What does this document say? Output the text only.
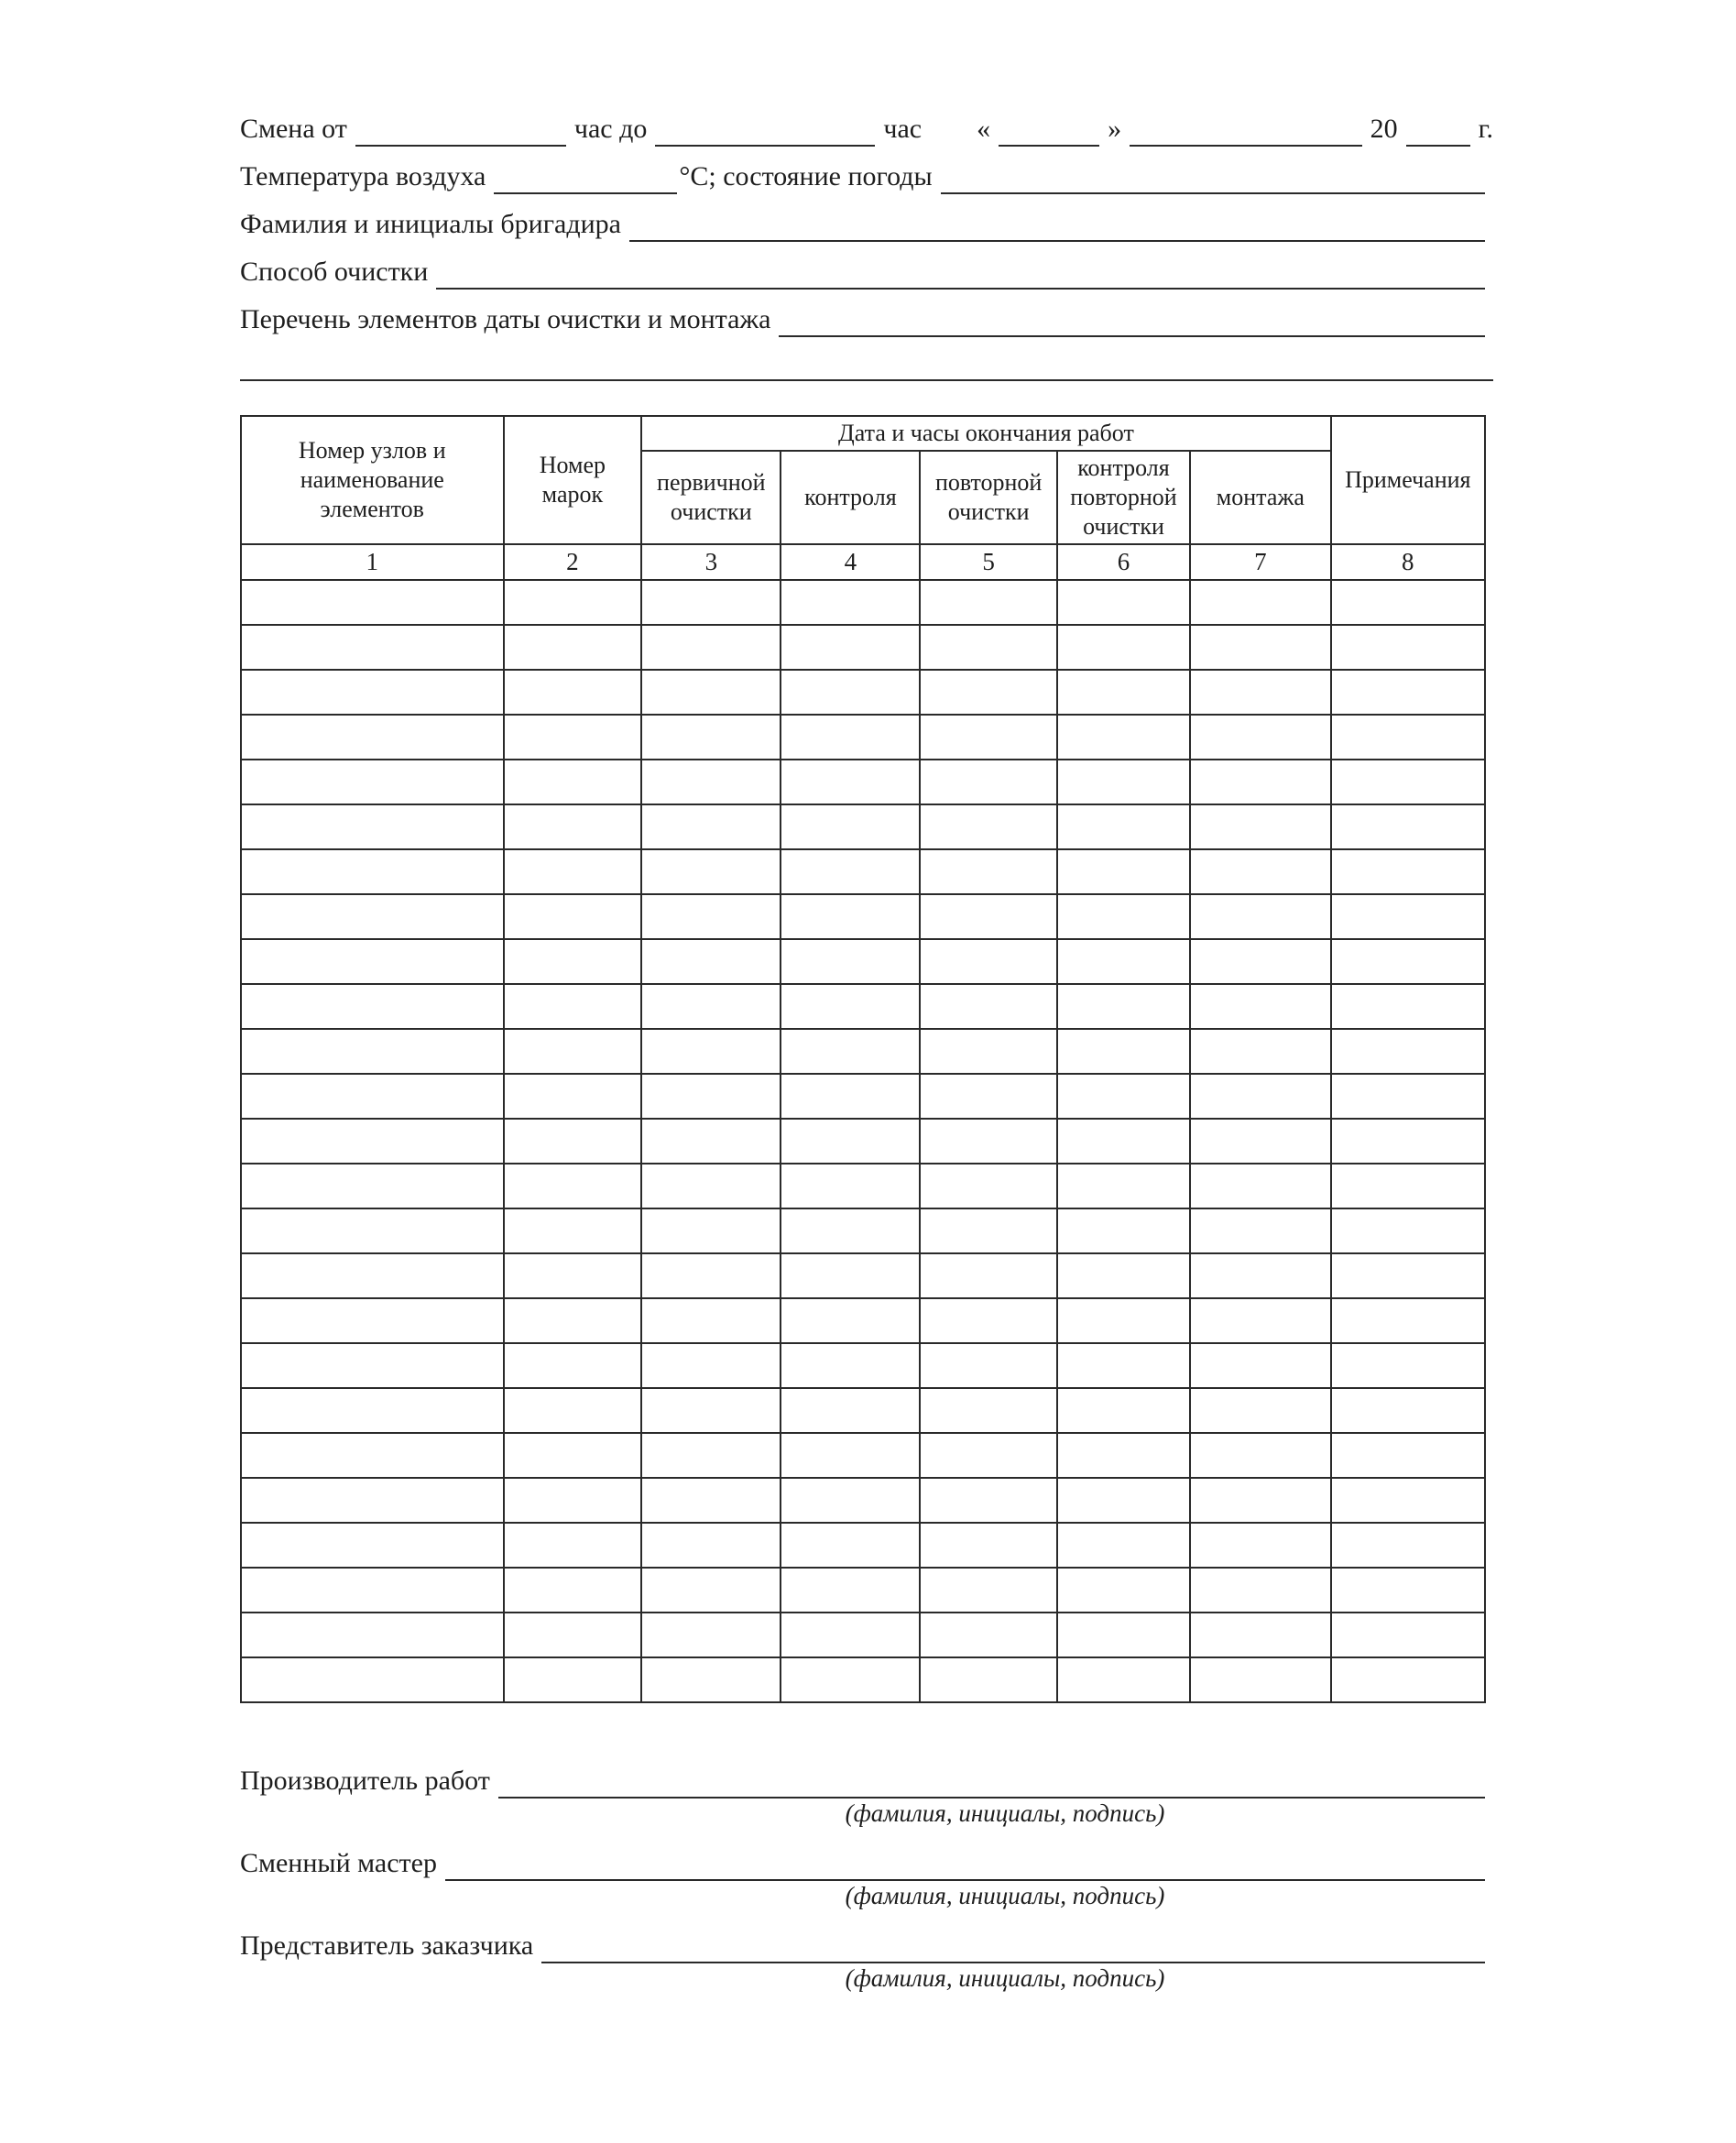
Смена от	час до	час «	»	20	г.
Температура воздуха	°С; состояние погоды
Фамилия и инициалы бригадира
Способ очистки
Перечень элементов даты очистки и монтажа
Номер узлов и наименование элементов	Номер марок	Дата и часы окончания работ					Примечания
		первичной очистки	контроля	повторной очистки	контроля повторной очистки	монтажа	
1	2	3	4	5	6	7	8

Производитель работ
(фамилия, инициалы, подпись)
Сменный мастер
(фамилия, инициалы, подпись)
Представитель заказчика
(фамилия, инициалы, подпись)
